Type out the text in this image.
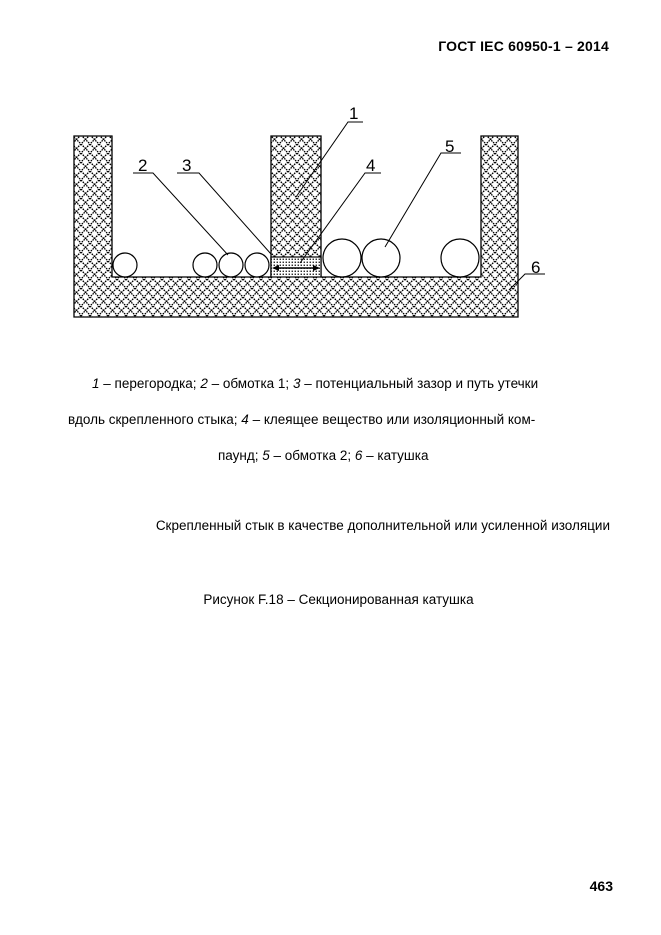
ГОСТ IEC 60950-1 – 2014
1
2 3	4
5
6
1 – перегородка; 2 – обмотка 1; 3 – потенциальный зазор и путь утечки
вдоль скрепленного стыка; 4 – клеящее вещество или изоляционный ком-
паунд; 5 – обмотка 2; 6 – катушка
Скрепленный стык в качестве дополнительной или усиленной изоляции
Рисунок F.18 – Секционированная катушка
463
